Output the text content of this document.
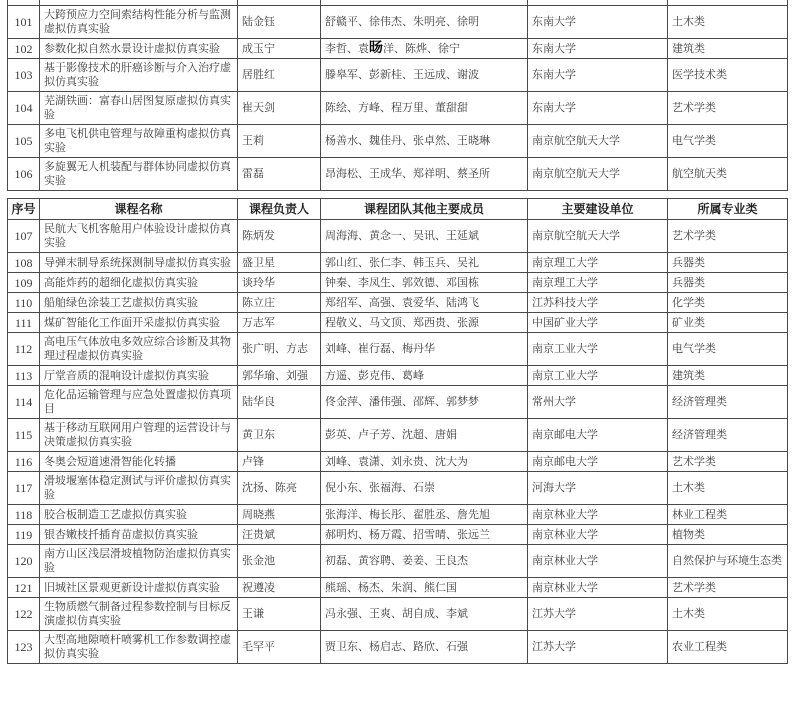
101	大跨预应力空间索结构性能分析与监测虚拟仿真实验	陆金钰	舒赣平、徐伟杰、朱明亮、徐明	东南大学	土木类
102	参数化拟自然水景设计虚拟仿真实验	成玉宁	李哲、袁旸洋、陈烨、徐宁	东南大学	建筑类
103	基于影像技术的肝癌诊断与介入治疗虚拟仿真实验	居胜红	滕皋军、彭新桂、王远成、谢波	东南大学	医学技术类
104	芜湖铁画：富春山居图复原虚拟仿真实验	崔天剑	陈绘、方峰、程万里、董甜甜	东南大学	艺术学类
105	多电飞机供电管理与故障重构虚拟仿真实验	王莉	杨善水、魏佳丹、张卓然、王晓琳	南京航空航天大学	电气学类
106	多旋翼无人机装配与群体协同虚拟仿真实验	雷磊	昂海松、王成华、郑祥明、蔡圣所	南京航空航天大学	航空航天类
序号	课程名称	课程负责人	课程团队其他主要成员	主要建设单位	所属专业类
107	民航大飞机客舱用户体验设计虚拟仿真实验	陈炳发	周海海、黄念一、吴讯、王延斌	南京航空航天大学	艺术学类
108	导弹末制导系统探测制导虚拟仿真实验	盛卫星	郭山红、张仁李、韩玉兵、吴礼	南京理工大学	兵器类
109	高能炸药的超细化虚拟仿真实验	谈玲华	钟秦、李凤生、郭效德、邓国栋	南京理工大学	兵器类
110	船舶绿色涂装工艺虚拟仿真实验	陈立庄	郑绍军、高强、袁爱华、陆鸿飞	江苏科技大学	化学类
111	煤矿智能化工作面开采虚拟仿真实验	万志军	程敬义、马文顶、郑西贵、张源	中国矿业大学	矿业类
112	高电压气体放电多效应综合诊断及其物理过程虚拟仿真实验	张广明、方志	刘峰、崔行磊、梅丹华	南京工业大学	电气学类
113	厅堂音质的混响设计虚拟仿真实验	郭华瑜、刘强	方遥、彭克伟、葛峰	南京工业大学	建筑类
114	危化品运输管理与应急处置虚拟仿真项目	陆华良	佟金萍、潘伟强、邵辉、郭梦梦	常州大学	经济管理类
115	基于移动互联网用户管理的运营设计与决策虚拟仿真实验	黄卫东	彭英、卢子芳、沈超、唐娟	南京邮电大学	经济管理类
116	冬奥会短道速滑智能化转播	卢锋	刘峰、袁潇、刘永贵、沈大为	南京邮电大学	艺术学类
117	滑坡堰塞体稳定测试与评价虚拟仿真实验	沈扬、陈亮	倪小东、张福海、石崇	河海大学	土木类
118	胶合板制造工艺虚拟仿真实验	周晓燕	张海洋、梅长彤、翟胜丞、詹先旭	南京林业大学	林业工程类
119	银杏嫩枝扦插育苗虚拟仿真实验	汪贵斌	郝明灼、杨万霞、招雪晴、张远兰	南京林业大学	植物类
120	南方山区浅层滑坡植物防治虚拟仿真实验	张金池	初磊、黄容聘、姜姜、王良杰	南京林业大学	自然保护与环境生态类
121	旧城社区景观更新设计虚拟仿真实验	祝遵凌	熊瑶、杨杰、朱润、熊仁国	南京林业大学	艺术学类
122	生物质燃气制备过程参数控制与目标反演虚拟仿真实验	王谦	冯永强、王爽、胡自成、李斌	江苏大学	土木类
123	大型高地隙喷杆喷雾机工作参数调控虚拟仿真实验	毛罕平	贾卫东、杨启志、路欣、石强	江苏大学	农业工程类
